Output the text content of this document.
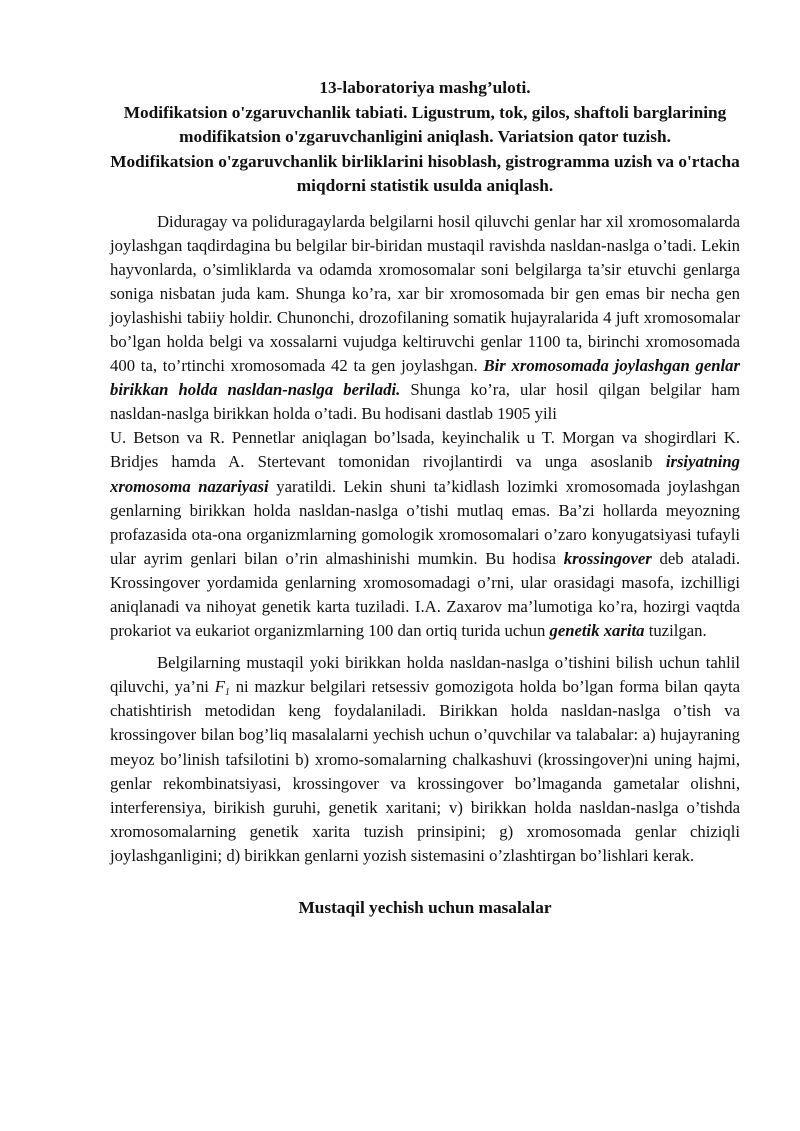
13-laboratoriya mashg’uloti.
Modifikatsion o'zgaruvchanlik tabiati. Ligustrum, tok, gilos, shaftoli barglarining modifikatsion o'zgaruvchanligini aniqlash. Variatsion qator tuzish.
Modifikatsion o'zgaruvchanlik birliklarini hisoblash, gistrogramma uzish va o'rtacha miqdorni statistik usulda aniqlash.

Diduragay va poliduragaylarda belgilarni hosil qiluvchi genlar har xil xromosomalarda joylashgan taqdirdagina bu belgilar bir-biridan mustaqil ravishda nasldan-naslga o’tadi. Lekin hayvonlarda, o’simliklarda va odamda xromosomalar soni belgilarga ta’sir etuvchi genlarga soniga nisbatan juda kam. Shunga ko’ra, xar bir xromosomada bir gen emas bir necha gen joylashishi tabiiy holdir. Chunonchi, drozofilaning somatik hujayralarida 4 juft xromosomalar bo’lgan holda belgi va xossalarni vujudga keltiruvchi genlar 1100 ta, birinchi xromosomada 400 ta, to’rtinchi xromosomada 42 ta gen joylashgan. Bir xromosomada joylashgan genlar birikkan holda nasldan-naslga beriladi. Shunga ko’ra, ular hosil qilgan belgilar ham nasldan-naslga birikkan holda o’tadi. Bu hodisani dastlab 1905 yili

U. Betson va R. Pennetlar aniqlagan bo’lsada, keyinchalik u T. Morgan va shogirdlari K. Bridjes hamda A. Stertevant tomonidan rivojlantirdi va unga asoslanib irsiyatning xromosoma nazariyasi yaratildi. Lekin shuni ta’kidlash lozimki xromosomada joylashgan genlarning birikkan holda nasldan-naslga o’tishi mutlaq emas. Ba’zi hollarda meyozning profazasida ota-ona organizmlarning gomologik xromosomalari o’zaro konyugatsiyasi tufayli ular ayrim genlari bilan o’rin almashinishi mumkin. Bu hodisa krossingover deb ataladi. Krossingover yordamida genlarning xromosomadagi o’rni, ular orasidagi masofa, izchilligi aniqlanadi va nihoyat genetik karta tuziladi. I.A. Zaxarov ma’lumotiga ko’ra, hozirgi vaqtda prokariot va eukariot organizmlarning 100 dan ortiq turida uchun genetik xarita tuzilgan.

Belgilarning mustaqil yoki birikkan holda nasldan-naslga o’tishini bilish uchun tahlil qiluvchi, ya’ni $F_1$ ni mazkur belgilari retsessiv gomozigota holda bo’lgan forma bilan qayta chatishtirish metodidan keng foydalaniladi. Birikkan holda nasldan-naslga o’tish va krossingover bilan bog’liq masalalarni yechish uchun o’quvchilar va talabalar: a) hujayraning meyoz bo’linish tafsilotini b) xromo-somalarning chalkashuvi (krossingover)ni uning hajmi, genlar rekombinatsiyasi, krossingover va krossingover bo’lmaganda gametalar olishni, interferensiya, birikish guruhi, genetik xaritani; v) birikkan holda nasldan-naslga o’tishda xromosomalarning genetik xarita tuzish prinsipini; g) xromosomada genlar chiziqli joylashganligini; d) birikkan genlarni yozish sistemasini o’zlashtirgan bo’lishlari kerak.

Mustaqil yechish uchun masalalar
